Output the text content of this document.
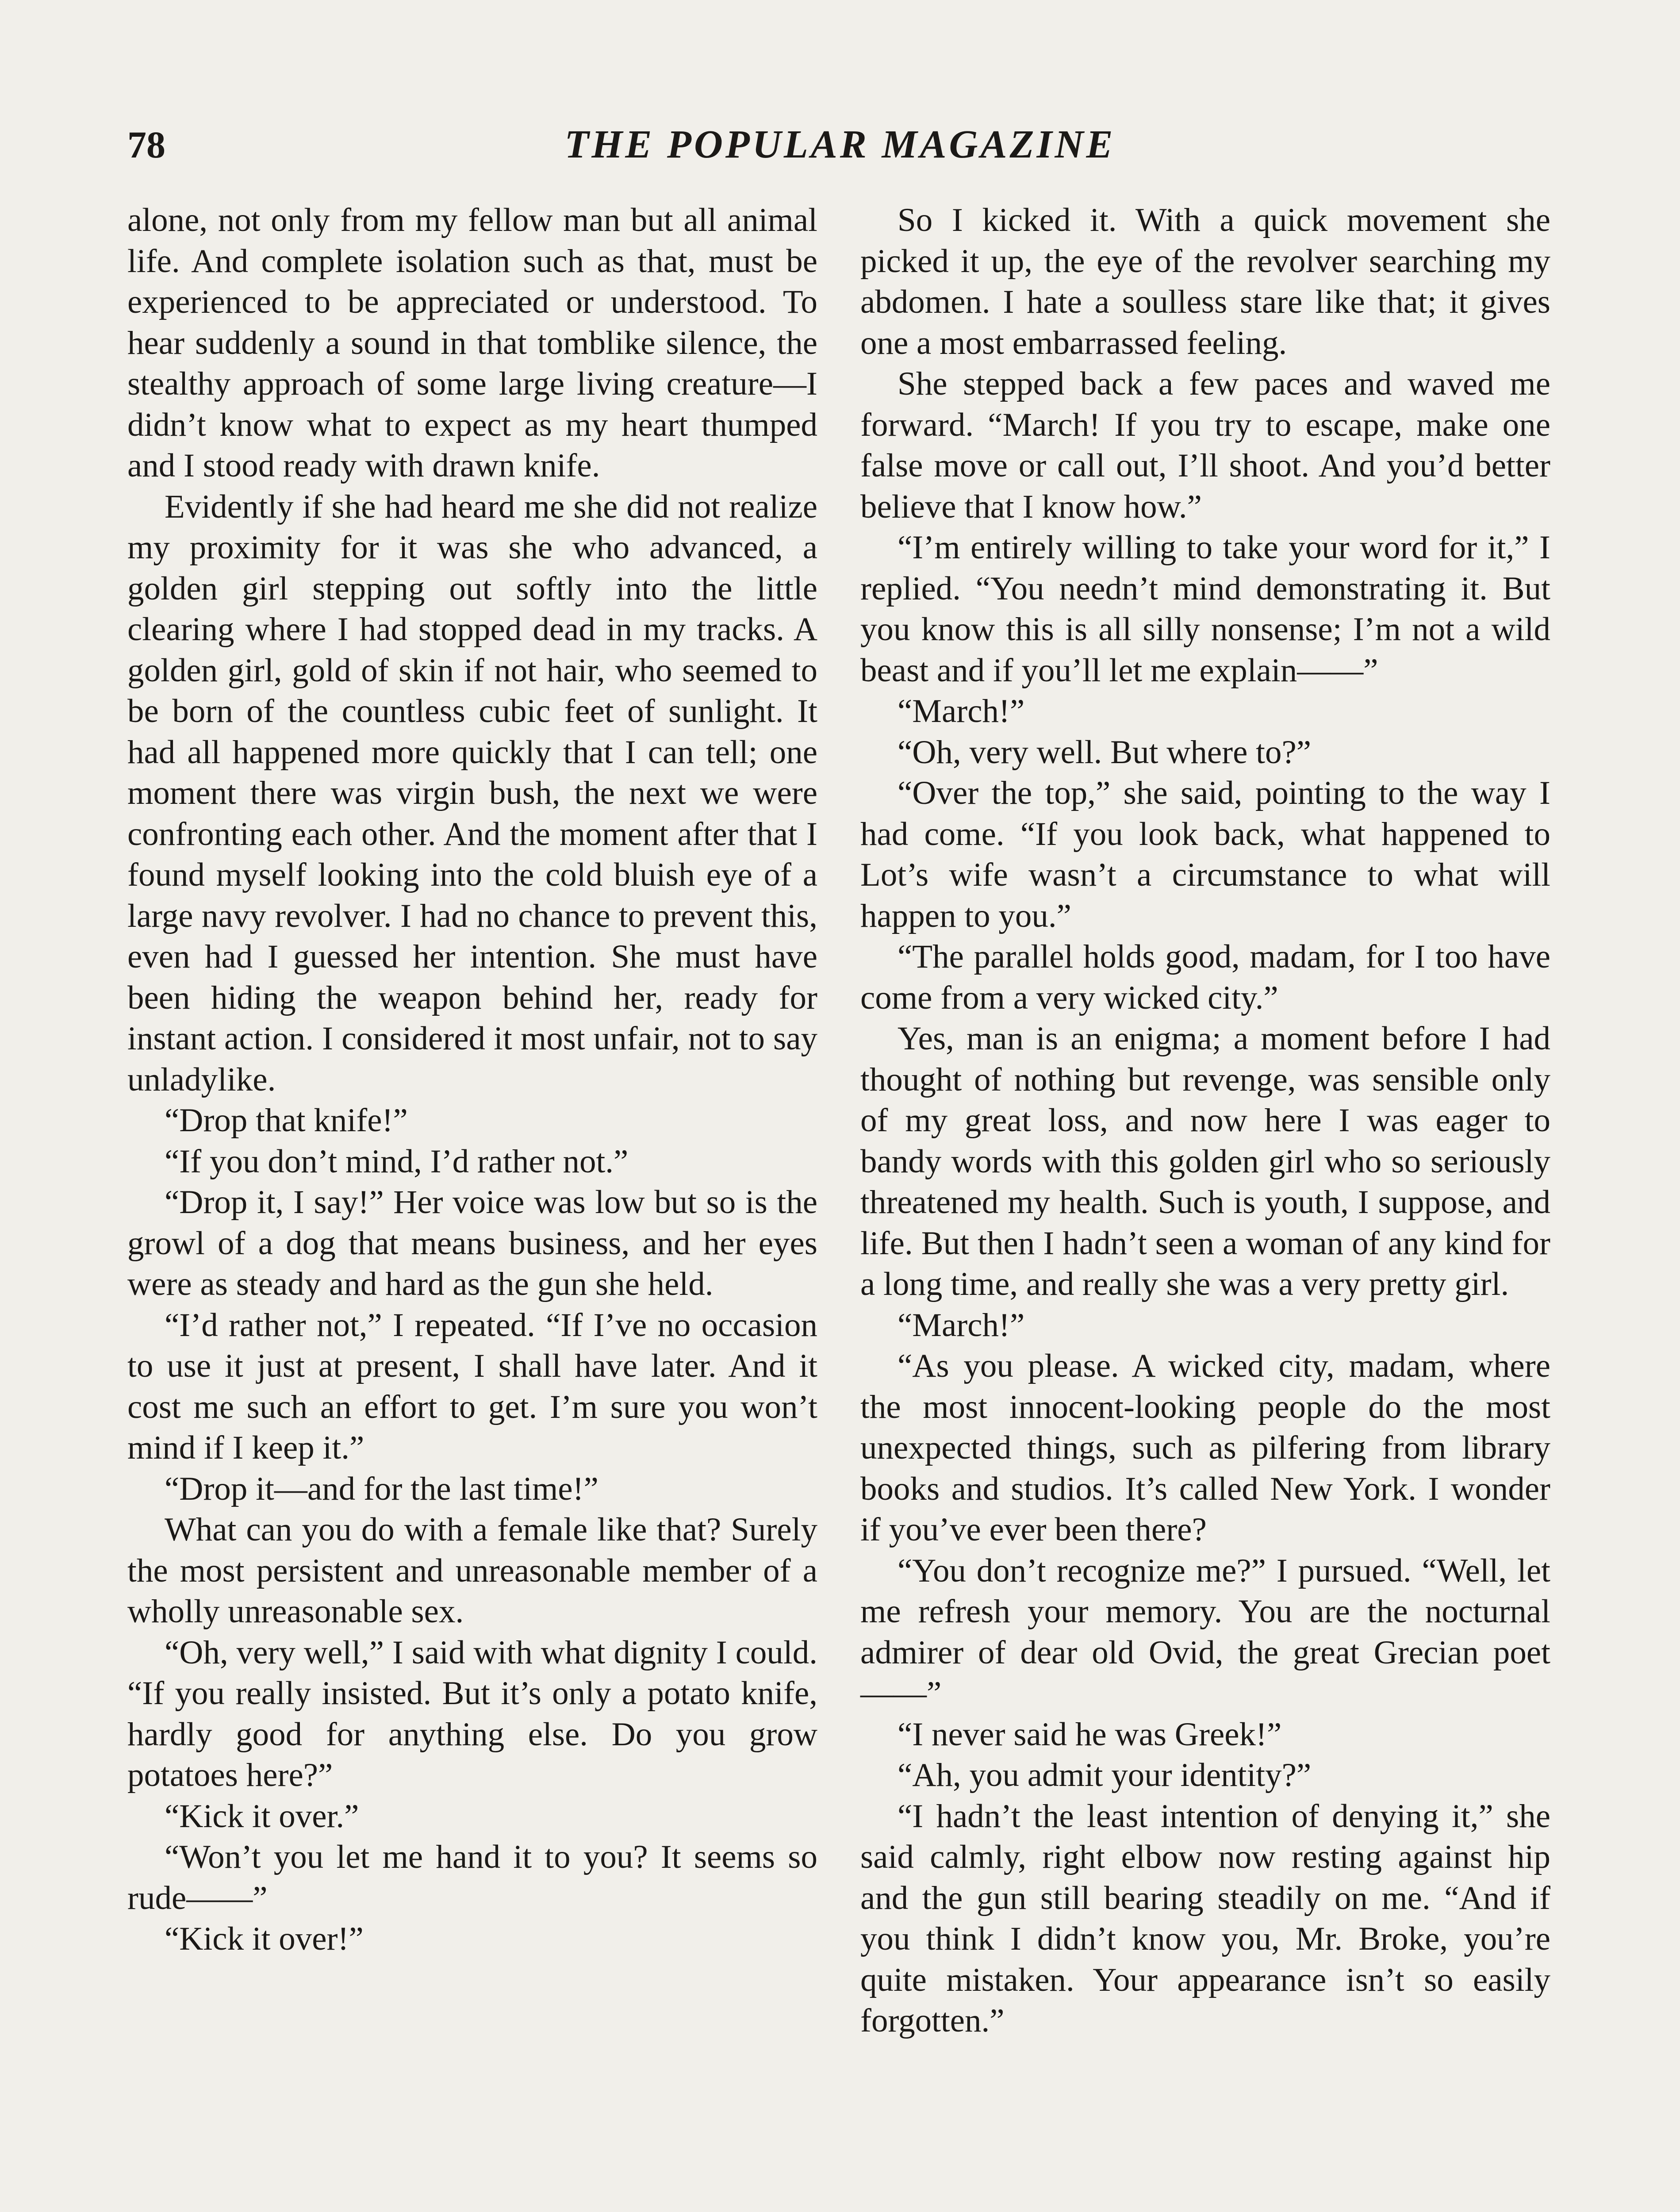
78	THE POPULAR MAGAZINE

alone, not only from my fellow man but all animal life. And complete isolation such as that, must be experienced to be appreciated or understood. To hear suddenly a sound in that tomblike silence, the stealthy approach of some large living creature—I didn’t know what to expect as my heart thumped and I stood ready with drawn knife.

Evidently if she had heard me she did not realize my proximity for it was she who advanced, a golden girl stepping out softly into the little clearing where I had stopped dead in my tracks. A golden girl, gold of skin if not hair, who seemed to be born of the countless cubic feet of sunlight. It had all happened more quickly that I can tell; one moment there was virgin bush, the next we were confronting each other. And the moment after that I found myself looking into the cold bluish eye of a large navy revolver. I had no chance to prevent this, even had I guessed her intention. She must have been hiding the weapon behind her, ready for instant action. I considered it most unfair, not to say unladylike.

“Drop that knife!”

“If you don’t mind, I’d rather not.”

“Drop it, I say!” Her voice was low but so is the growl of a dog that means business, and her eyes were as steady and hard as the gun she held.

“I’d rather not,” I repeated. “If I’ve no occasion to use it just at present, I shall have later. And it cost me such an effort to get. I’m sure you won’t mind if I keep it.”

“Drop it—and for the last time!”

What can you do with a female like that? Surely the most persistent and unreasonable member of a wholly unreasonable sex.

“Oh, very well,” I said with what dignity I could. “If you really insisted. But it’s only a potato knife, hardly good for anything else. Do you grow potatoes here?”

“Kick it over.”

“Won’t you let me hand it to you? It seems so rude——”

“Kick it over!”

So I kicked it. With a quick movement she picked it up, the eye of the revolver searching my abdomen. I hate a soulless stare like that; it gives one a most embarrassed feeling.

She stepped back a few paces and waved me forward. “March! If you try to escape, make one false move or call out, I’ll shoot. And you’d better believe that I know how.”

“I’m entirely willing to take your word for it,” I replied. “You needn’t mind demonstrating it. But you know this is all silly nonsense; I’m not a wild beast and if you’ll let me explain——”

“March!”

“Oh, very well. But where to?”

“Over the top,” she said, pointing to the way I had come. “If you look back, what happened to Lot’s wife wasn’t a circumstance to what will happen to you.”

“The parallel holds good, madam, for I too have come from a very wicked city.”

Yes, man is an enigma; a moment before I had thought of nothing but revenge, was sensible only of my great loss, and now here I was eager to bandy words with this golden girl who so seriously threatened my health. Such is youth, I suppose, and life. But then I hadn’t seen a woman of any kind for a long time, and really she was a very pretty girl.

“March!”

“As you please. A wicked city, madam, where the most innocent-looking people do the most unexpected things, such as pilfering from library books and studios. It’s called New York. I wonder if you’ve ever been there?

“You don’t recognize me?” I pursued. “Well, let me refresh your memory. You are the nocturnal admirer of dear old Ovid, the great Grecian poet——”

“I never said he was Greek!”

“Ah, you admit your identity?”

“I hadn’t the least intention of denying it,” she said calmly, right elbow now resting against hip and the gun still bearing steadily on me. “And if you think I didn’t know you, Mr. Broke, you’re quite mistaken. Your appearance isn’t so easily forgotten.”
